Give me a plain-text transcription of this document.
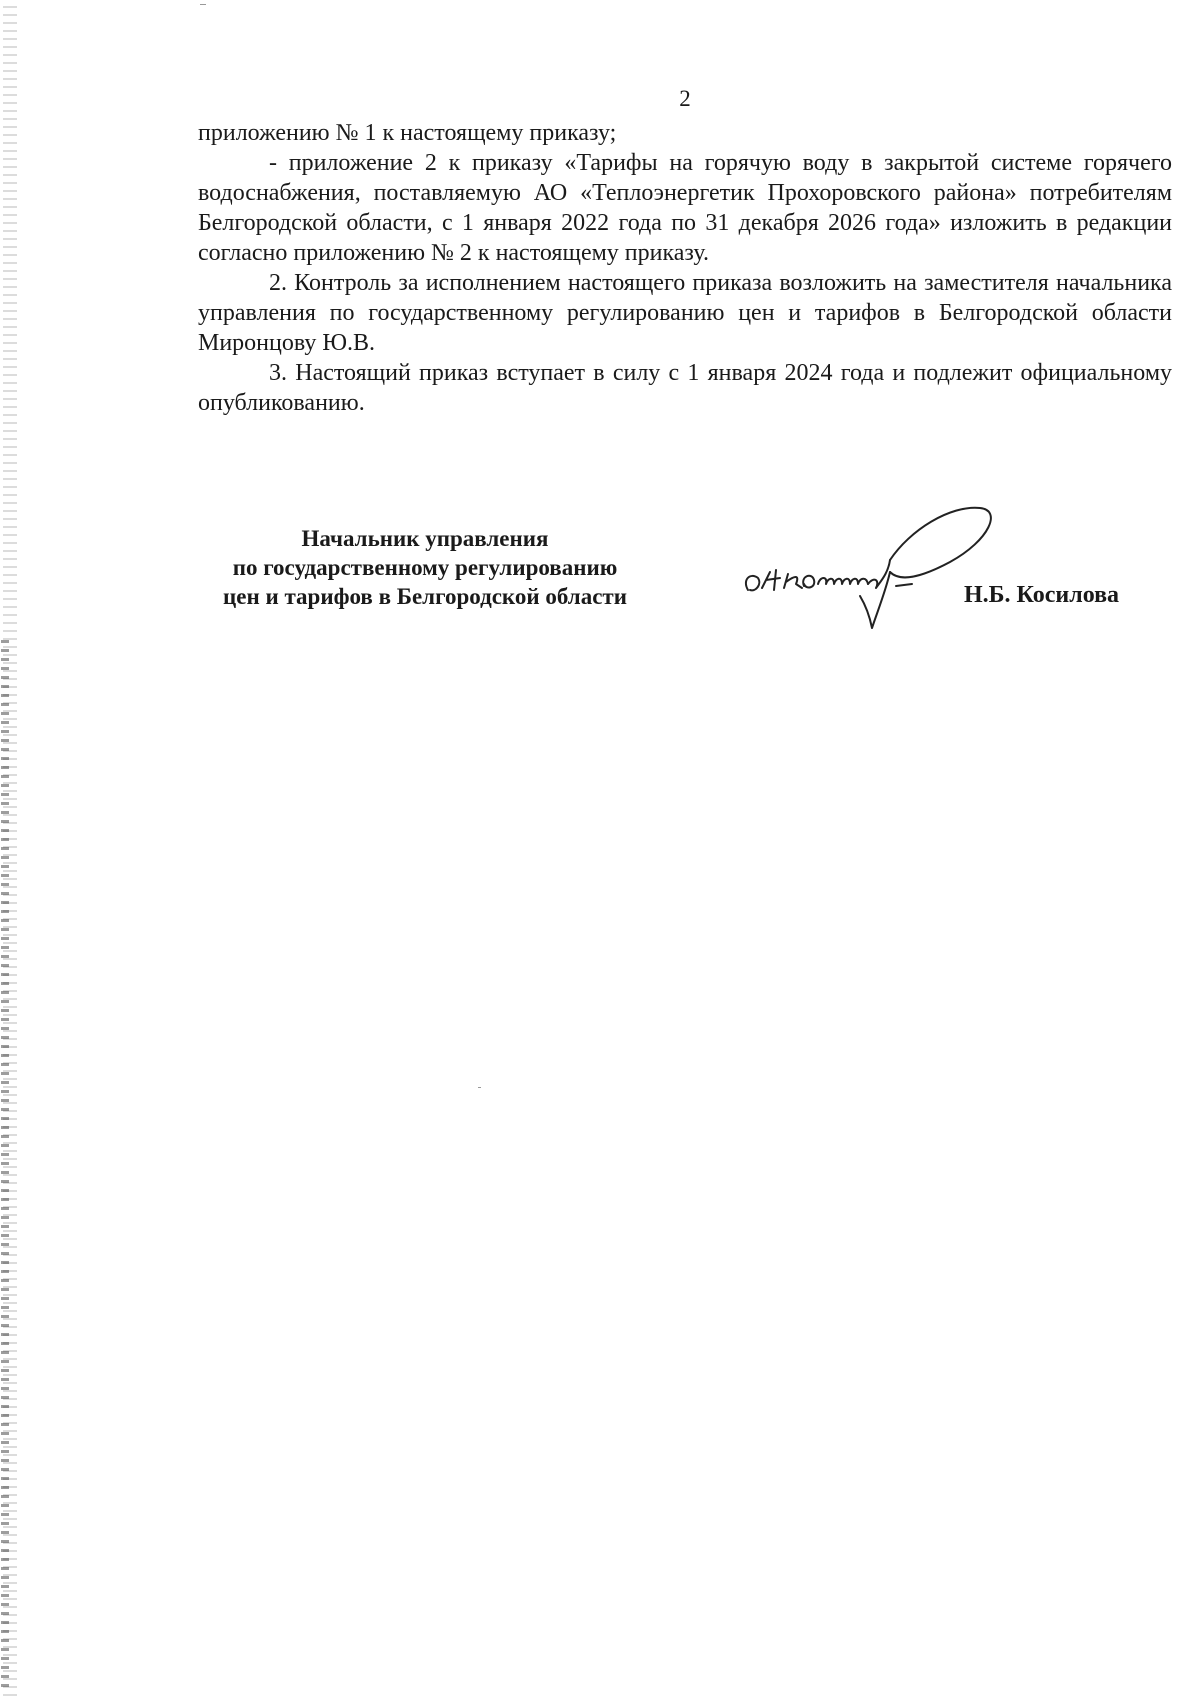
2

приложению № 1 к настоящему приказу;

- приложение 2 к приказу «Тарифы на горячую воду в закрытой системе горячего водоснабжения, поставляемую АО «Теплоэнергетик Прохоровского района» потребителям Белгородской области, с 1 января 2022 года по 31 декабря 2026 года» изложить в редакции согласно приложению № 2 к настоящему приказу.

2. Контроль за исполнением настоящего приказа возложить на заместителя начальника управления по государственному регулированию цен и тарифов в Белгородской области Миронцову Ю.В.

3. Настоящий приказ вступает в силу с 1 января 2024 года и подлежит официальному опубликованию.

Начальник управления
по государственному регулированию
цен и тарифов в Белгородской области	Н.Б. Косилова
